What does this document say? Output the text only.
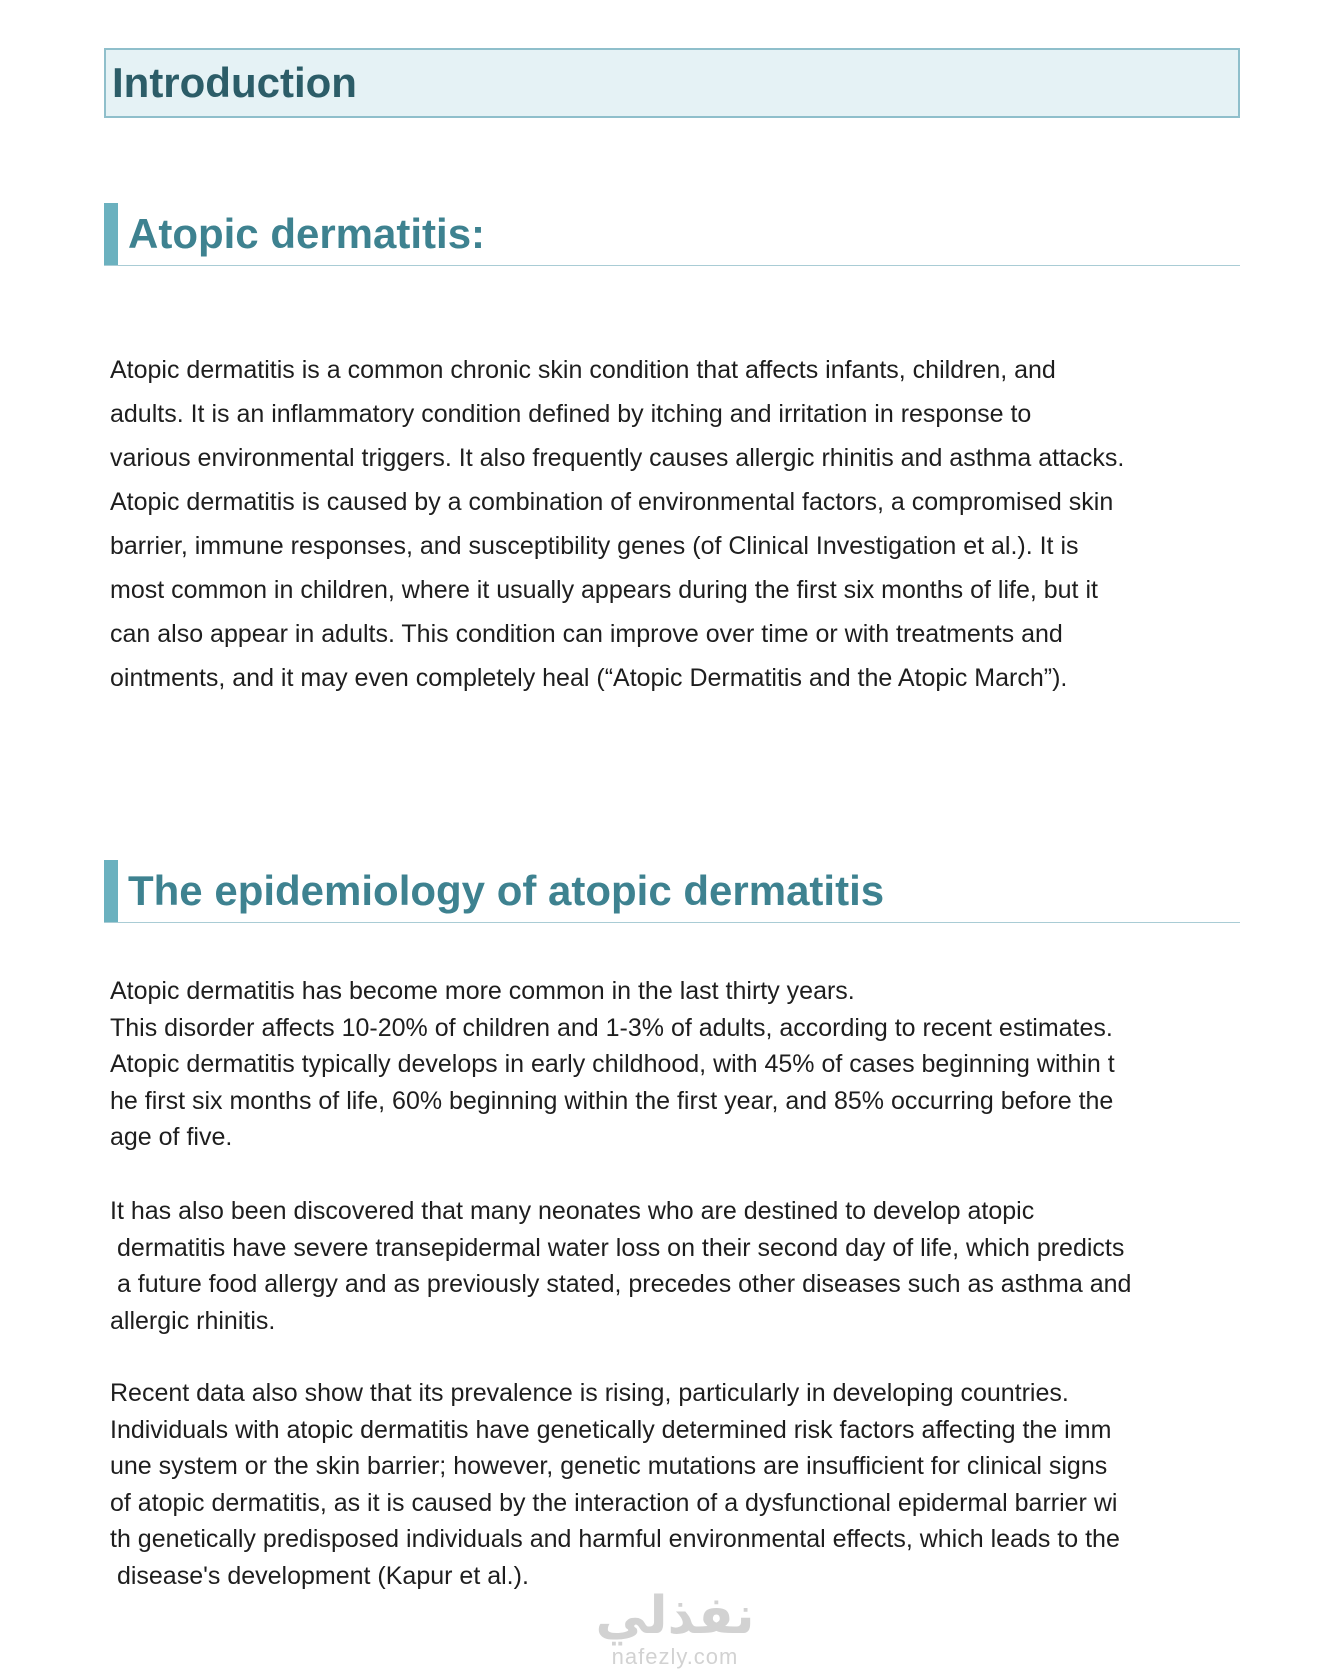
Introduction
Atopic dermatitis:
Atopic dermatitis is a common chronic skin condition that affects infants, children, and
adults. It is an inflammatory condition defined by itching and irritation in response to
various environmental triggers. It also frequently causes allergic rhinitis and asthma attacks.
Atopic dermatitis is caused by a combination of environmental factors, a compromised skin
barrier, immune responses, and susceptibility genes (of Clinical Investigation et al.). It is
most common in children, where it usually appears during the first six months of life, but it
can also appear in adults. This condition can improve over time or with treatments and
ointments, and it may even completely heal (“Atopic Dermatitis and the Atopic March”).
The epidemiology of atopic dermatitis
Atopic dermatitis has become more common in the last thirty years.
This disorder affects 10-20% of children and 1-3% of adults, according to recent estimates.
Atopic dermatitis typically develops in early childhood, with 45% of cases beginning within t
he first six months of life, 60% beginning within the first year, and 85% occurring before the
age of five.
It has also been discovered that many neonates who are destined to develop atopic
dermatitis have severe transepidermal water loss on their second day of life, which predicts
a future food allergy and as previously stated, precedes other diseases such as asthma and
allergic rhinitis.
Recent data also show that its prevalence is rising, particularly in developing countries.
Individuals with atopic dermatitis have genetically determined risk factors affecting the imm
une system or the skin barrier; however, genetic mutations are insufficient for clinical signs
of atopic dermatitis, as it is caused by the interaction of a dysfunctional epidermal barrier wi
th genetically predisposed individuals and harmful environmental effects, which leads to the
disease's development (Kapur et al.).
نفذلي
nafezly.com
